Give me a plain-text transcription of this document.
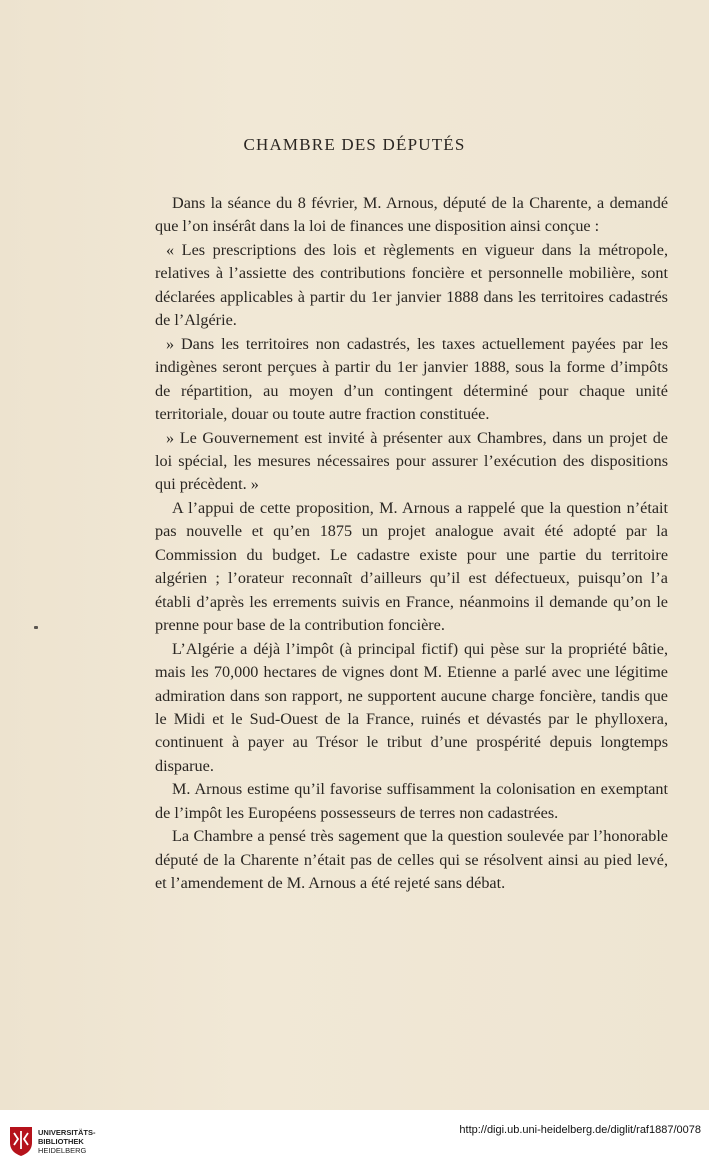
CHAMBRE DES DÉPUTÉS

Dans la séance du 8 février, M. Arnous, député de la Charente, a demandé que l’on insérât dans la loi de finances une disposition ainsi conçue :

« Les prescriptions des lois et règlements en vigueur dans la métropole, relatives à l’assiette des contributions foncière et personnelle mobilière, sont déclarées applicables à partir du 1er janvier 1888 dans les territoires cadastrés de l’Algérie.

» Dans les territoires non cadastrés, les taxes actuellement payées par les indigènes seront perçues à partir du 1er janvier 1888, sous la forme d’impôts de répartition, au moyen d’un contingent déterminé pour chaque unité territoriale, douar ou toute autre fraction constituée.

» Le Gouvernement est invité à présenter aux Chambres, dans un projet de loi spécial, les mesures nécessaires pour assurer l’exécution des dispositions qui précèdent. »

A l’appui de cette proposition, M. Arnous a rappelé que la question n’était pas nouvelle et qu’en 1875 un projet analogue avait été adopté par la Commission du budget. Le cadastre existe pour une partie du territoire algérien ; l’orateur reconnaît d’ailleurs qu’il est défectueux, puisqu’on l’a établi d’après les errements suivis en France, néanmoins il demande qu’on le prenne pour base de la contribution foncière.

L’Algérie a déjà l’impôt (à principal fictif) qui pèse sur la propriété bâtie, mais les 70,000 hectares de vignes dont M. Etienne a parlé avec une légitime admiration dans son rapport, ne supportent aucune charge foncière, tandis que le Midi et le Sud-Ouest de la France, ruinés et dévastés par le phylloxera, continuent à payer au Trésor le tribut d’une prospérité depuis longtemps disparue.

M. Arnous estime qu’il favorise suffisamment la colonisation en exemptant de l’impôt les Européens possesseurs de terres non cadastrées.

La Chambre a pensé très sagement que la question soulevée par l’honorable député de la Charente n’était pas de celles qui se résolvent ainsi au pied levé, et l’amendement de M. Arnous a été rejeté sans débat.

UNIVERSITÄTS-
BIBLIOTHEK
HEIDELBERG
http://digi.ub.uni-heidelberg.de/diglit/raf1887/0078
